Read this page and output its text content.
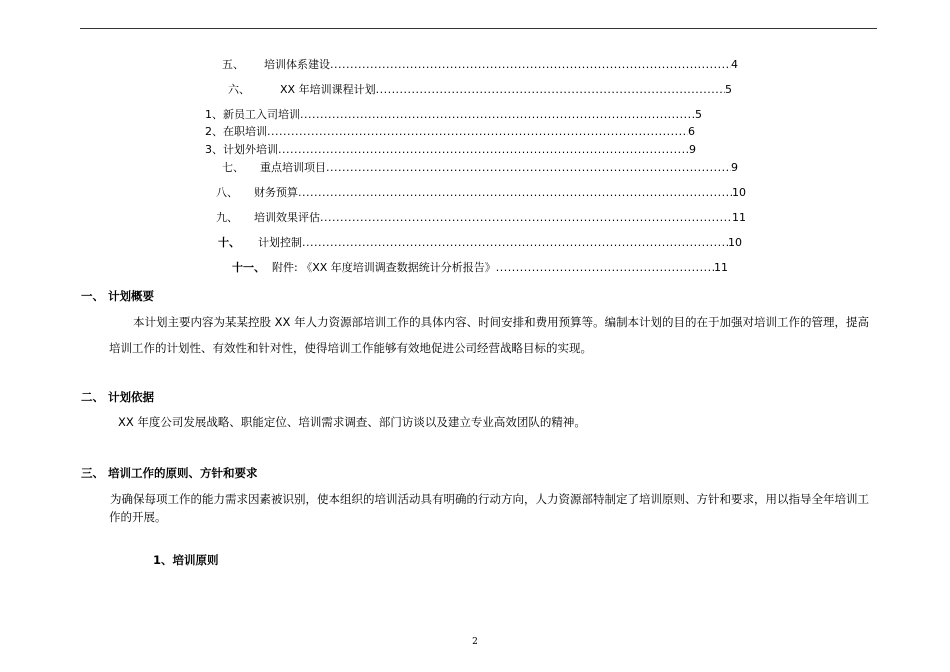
五、	培训体系建设 .....	4
六、	XX 年培训课程计划 .....	5
1、 新员工入司培训 .....	5
2、 在职培训 .....	6
3、 计划外培训 .....	9
七、	重点培训项目 .....	9
八、	财务预算 .....	10
九、	培训效果评估 .....	11
十、	计划控制 .....	10
十一、 附件: 《XX 年度培训调查数据统计分析报告》 .....	11
一、 计划概要
本计划主要内容为某某控股 XX 年人力资源部培训工作的具体内容、时间安排和费用预算等。编制本计划的目的在于加强对培训工作的管理，提高
培训工作的计划性、有效性和针对性，使得培训工作能够有效地促进公司经营战略目标的实现。
二、 计划依据
XX 年度公司发展战略、职能定位、培训需求调查、部门访谈以及建立专业高效团队的精神。
三、 培训工作的原则、方针和要求
为确保每项工作的能力需求因素被识别，使本组织的培训活动具有明确的行动方向，人力资源部特制定了培训原则、方针和要求，用以指导全年培训工
作的开展。
1、培训原则
2
